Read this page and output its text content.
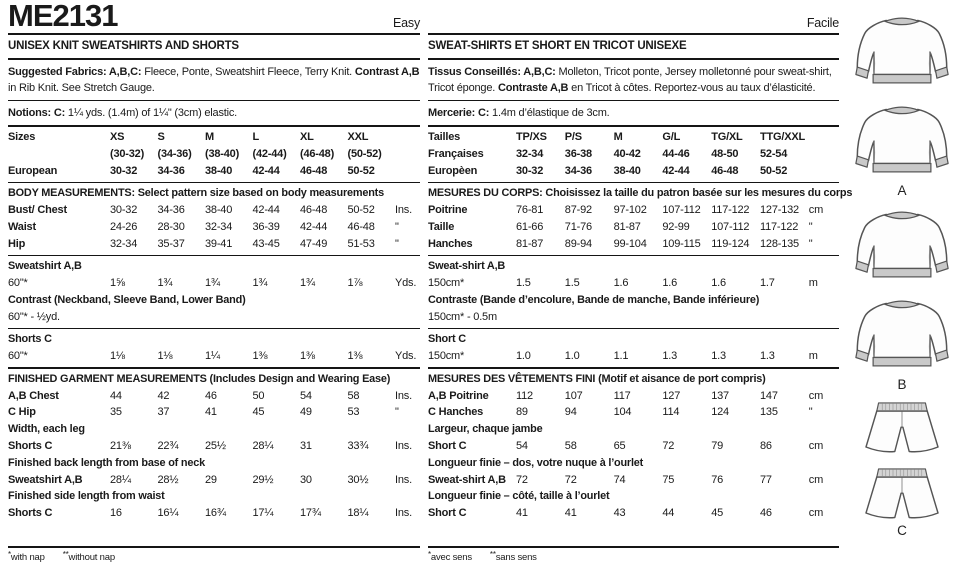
ME2131	Easy
UNISEX KNIT SWEATSHIRTS AND SHORTS

Suggested Fabrics: A,B,C: Fleece, Ponte, Sweatshirt Fleece, Terry Knit. Contrast A,B in Rib Knit. See Stretch Gauge.

Notions: C: 1¼ yds. (1.4m) of 1¼" (3cm) elastic.

Sizes	XS	S	M	L	XL	XXL
(30-32)	(34-36)	(38-40)	(42-44)	(46-48)	(50-52)
European	30-32	34-36	38-40	42-44	46-48	50-52
BODY MEASUREMENTS: Select pattern size based on body measurements
Bust/ Chest	30-32	34-36	38-40	42-44	46-48	50-52	Ins.
Waist	24-26	28-30	32-34	36-39	42-44	46-48	"
Hip	32-34	35-37	39-41	43-45	47-49	51-53	"
Sweatshirt A,B
60"*	1⅝	1¾	1¾	1¾	1¾	1⅞	Yds.
Contrast (Neckband, Sleeve Band, Lower Band)
60"* - ½yd.
Shorts C
60"*	1⅛	1⅛	1¼	1⅜	1⅜	1⅜	Yds.
FINISHED GARMENT MEASUREMENTS (Includes Design and Wearing Ease)
A,B Chest	44	42	46	50	54	58	Ins.
C Hip	35	37	41	45	49	53	"
Width, each leg
Shorts C	21⅜	22¾	25½	28¼	31	33¾	Ins.
Finished back length from base of neck
Sweatshirt A,B	28¼	28½	29	29½	30	30½	Ins.
Finished side length from waist
Shorts C	16	16¼	16¾	17¼	17¾	18¼	Ins.
*with nap **without nap
Facile
SWEAT-SHIRTS ET SHORT EN TRICOT UNISEXE

Tissus Conseillés: A,B,C: Molleton, Tricot ponte, Jersey molletonné pour sweat-shirt, Tricot éponge. Contraste A,B en Tricot à côtes. Reportez-vous au taux d’élasticité.

Mercerie: C: 1.4m d’élastique de 3cm.

Tailles	TP/XS	P/S	M	G/L	TG/XL	TTG/XXL
Françaises	32-34	36-38	40-42	44-46	48-50	52-54
Europèen	30-32	34-36	38-40	42-44	46-48	50-52
MESURES DU CORPS: Choisissez la taille du patron basée sur les mesures du corps
Poitrine	76-81	87-92	97-102	107-112 117-122 127-132 cm
Taille	61-66	71-76	81-87	92-99	107-112 117-122 "
Hanches	81-87	89-94	99-104	109-115 119-124 128-135 "
Sweat-shirt A,B
150cm*	1.5	1.5	1.6	1.6	1.6	1.7	m
Contraste (Bande d’encolure, Bande de manche, Bande inférieure)
150cm* - 0.5m
Short C
150cm*	1.0	1.0	1.1	1.3	1.3	1.3	m
MESURES DES VÊTEMENTS FINI (Motif et aisance de port compris)
A,B Poitrine	112	107	117	127	137	147	cm
C Hanches	89	94	104	114	124	135	"
Largeur, chaque jambe
Short C	54	58	65	72	79	86	cm
Longueur finie – dos, votre nuque à l’ourlet
Sweat-shirt A,B 72	72	74	75	76	77	cm
Longueur finie – côté, taille à l’ourlet
Short C	41	41	43	44	45	46	cm
*avec sens **sans sens
A
B
C
